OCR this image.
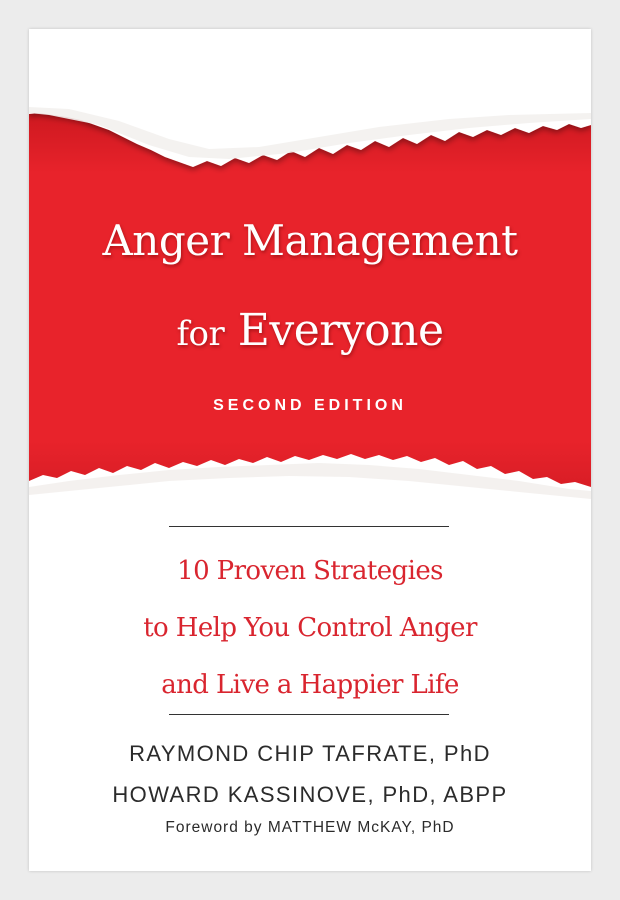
Anger Management
for Everyone
SECOND EDITION
10 Proven Strategies
to Help You Control Anger
and Live a Happier Life
RAYMOND CHIP TAFRATE, PhD
HOWARD KASSINOVE, PhD, ABPP
Foreword by MATTHEW McKAY, PhD
